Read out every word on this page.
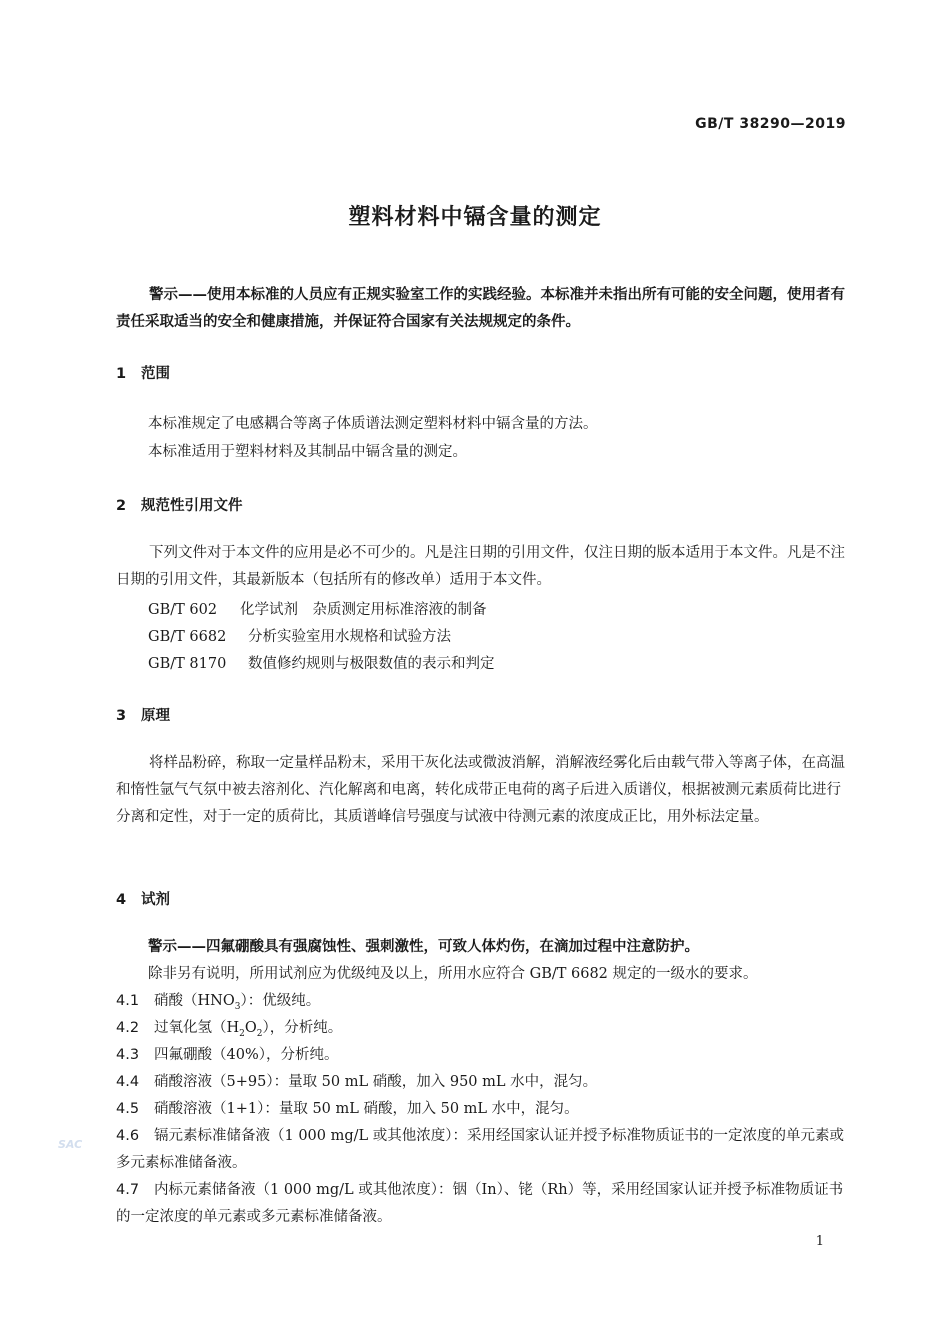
GB/T 38290—2019
塑料材料中镉含量的测定
警示——使用本标准的人员应有正规实验室工作的实践经验。本标准并未指出所有可能的安全问题，使用者有责任采取适当的安全和健康措施，并保证符合国家有关法规规定的条件。
1 范围
本标准规定了电感耦合等离子体质谱法测定塑料材料中镉含量的方法。
本标准适用于塑料材料及其制品中镉含量的测定。
2 规范性引用文件
下列文件对于本文件的应用是必不可少的。凡是注日期的引用文件，仅注日期的版本适用于本文件。凡是不注日期的引用文件，其最新版本（包括所有的修改单）适用于本文件。
GB/T 602 化学试剂　杂质测定用标准溶液的制备
GB/T 6682 分析实验室用水规格和试验方法
GB/T 8170 数值修约规则与极限数值的表示和判定
3 原理
将样品粉碎，称取一定量样品粉末，采用干灰化法或微波消解，消解液经雾化后由载气带入等离子体，在高温和惰性氩气气氛中被去溶剂化、汽化解离和电离，转化成带正电荷的离子后进入质谱仪，根据被测元素质荷比进行分离和定性，对于一定的质荷比，其质谱峰信号强度与试液中待测元素的浓度成正比，用外标法定量。
4 试剂
警示——四氟硼酸具有强腐蚀性、强刺激性，可致人体灼伤，在滴加过程中注意防护。
除非另有说明，所用试剂应为优级纯及以上，所用水应符合 GB/T 6682 规定的一级水的要求。
4.1 硝酸$(HNO_3)$：优级纯。
4.2 过氧化氢$(H_2O_2)$，分析纯。
4.3 四氟硼酸（40%），分析纯。
4.4 硝酸溶液（5+95）：量取 50 mL 硝酸，加入 950 mL 水中，混匀。
4.5 硝酸溶液（1+1）：量取 50 mL 硝酸，加入 50 mL 水中，混匀。
4.6 镉元素标准储备液（1 000 mg/L 或其他浓度）：采用经国家认证并授予标准物质证书的一定浓度的单元素或多元素标准储备液。
4.7 内标元素储备液（1 000 mg/L 或其他浓度）：铟（In）、铑（Rh）等，采用经国家认证并授予标准物质证书的一定浓度的单元素或多元素标准储备液。
SAC
1
